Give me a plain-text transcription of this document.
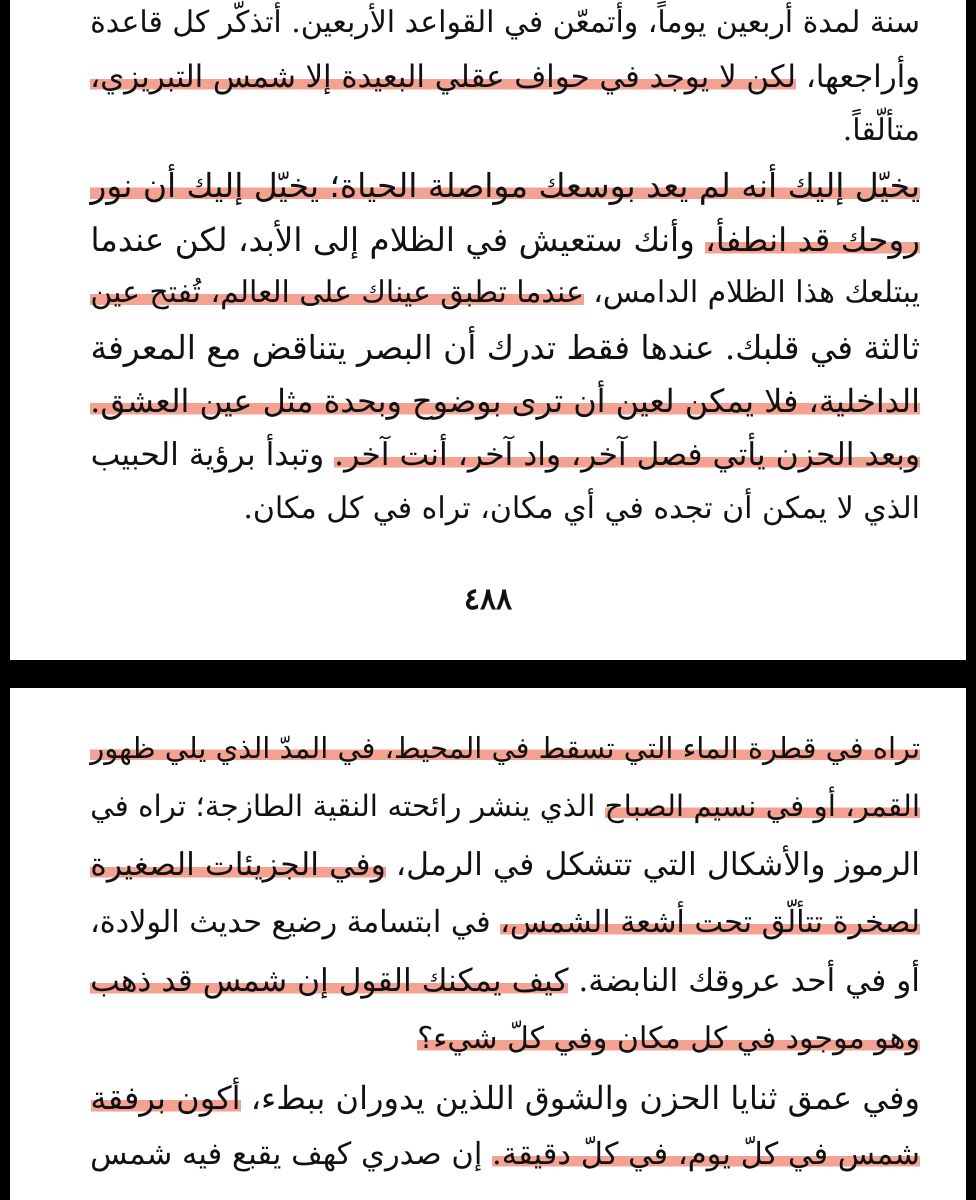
سنة لمدة أربعين يوماً، وأتمعّن في القواعد الأربعين. أتذكّر كل قاعدة
وأراجعها، لكن لا يوجد في حواف عقلي البعيدة إلا شمس التبريزي،
متألّقاً.
يخيّل إليك أنه لم يعد بوسعك مواصلة الحياة؛ يخيّل إليك أن نور
روحك قد انطفأ، وأنك ستعيش في الظلام إلى الأبد، لكن عندما
يبتلعك هذا الظلام الدامس، عندما تطبق عيناك على العالم، تُفتح عين
ثالثة في قلبك. عندها فقط تدرك أن البصر يتناقض مع المعرفة
الداخلية، فلا يمكن لعين أن ترى بوضوح وبحدة مثل عين العشق.
وبعد الحزن يأتي فصل آخر، واد آخر، أنت آخر. وتبدأ برؤية الحبيب
الذي لا يمكن أن تجده في أي مكان، تراه في كل مكان.
٤٨٨
تراه في قطرة الماء التي تسقط في المحيط، في المدّ الذي يلي ظهور
القمر، أو في نسيم الصباح الذي ينشر رائحته النقية الطازجة؛ تراه في
الرموز والأشكال التي تتشكل في الرمل، وفي الجزيئات الصغيرة
لصخرة تتألّق تحت أشعة الشمس، في ابتسامة رضيع حديث الولادة،
أو في أحد عروقك النابضة. كيف يمكنك القول إن شمس قد ذهب
وهو موجود في كل مكان وفي كلّ شيء؟
وفي عمق ثنايا الحزن والشوق اللذين يدوران ببطء، أكون برفقة
شمس في كلّ يوم، في كلّ دقيقة. إن صدري كهف يقبع فيه شمس
